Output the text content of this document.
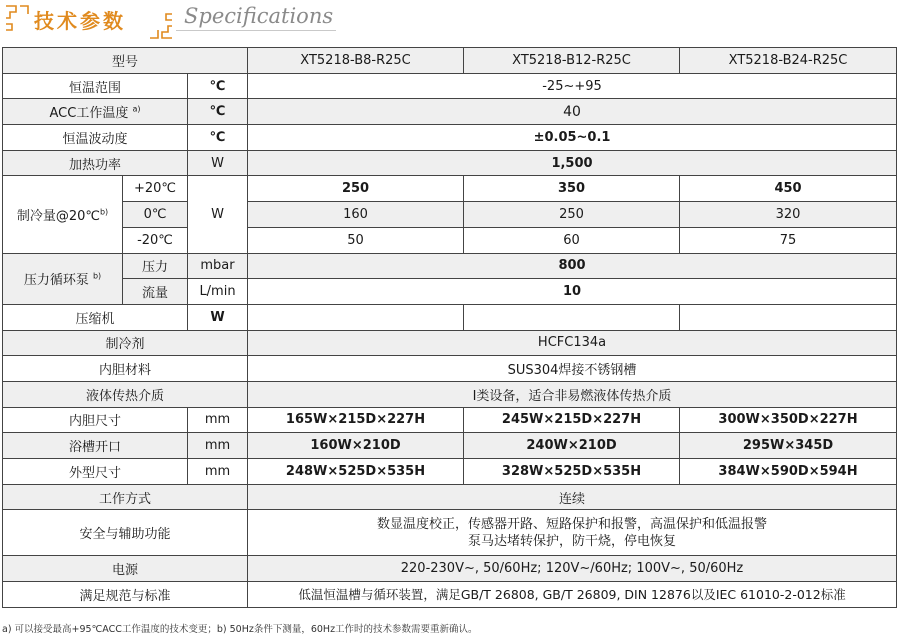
技术参数	Specifications
型号			XT5218-B8-R25C	XT5218-B12-R25C	XT5218-B24-R25C
恒温范围		℃	-25~+95		
ACC工作温度 $^{a)}$		℃	40		
恒温波动度		℃	±0.05~0.1		
加热功率		W	1,500		
制冷量@20℃$^{b)}$	+20℃	W	250	350	450
	0℃		160	250	320
	-20℃		50	60	75
压力循环泵 $^{b)}$	压力	mbar	800		
	流量	L/min	10		
压缩机		W			
制冷剂			HCFC134a		
内胆材料			SUS304焊接不锈钢槽		
液体传热介质			I类设备，适合非易燃液体传热介质		
内胆尺寸		mm	165W×215D×227H	245W×215D×227H	300W×350D×227H
浴槽开口		mm	160W×210D	240W×210D	295W×345D
外型尺寸		mm	248W×525D×535H	328W×525D×535H	384W×590D×594H
工作方式			连续		
安全与辅助功能			数显温度校正，传感器开路、短路保护和报警，高温保护和低温报警
泵马达堵转保护，防干烧，停电恢复		

电源			220-230V~, 50/60Hz; 120V~/60Hz; 100V~, 50/60Hz		
满足规范与标准			低温恒温槽与循环装置，满足GB/T 26808, GB/T 26809, DIN 12876以及IEC 61010-2-012标准		
a) 可以接受最高+95℃ACC工作温度的技术变更；b) 50Hz条件下测量，60Hz工作时的技术参数需要重新确认。
